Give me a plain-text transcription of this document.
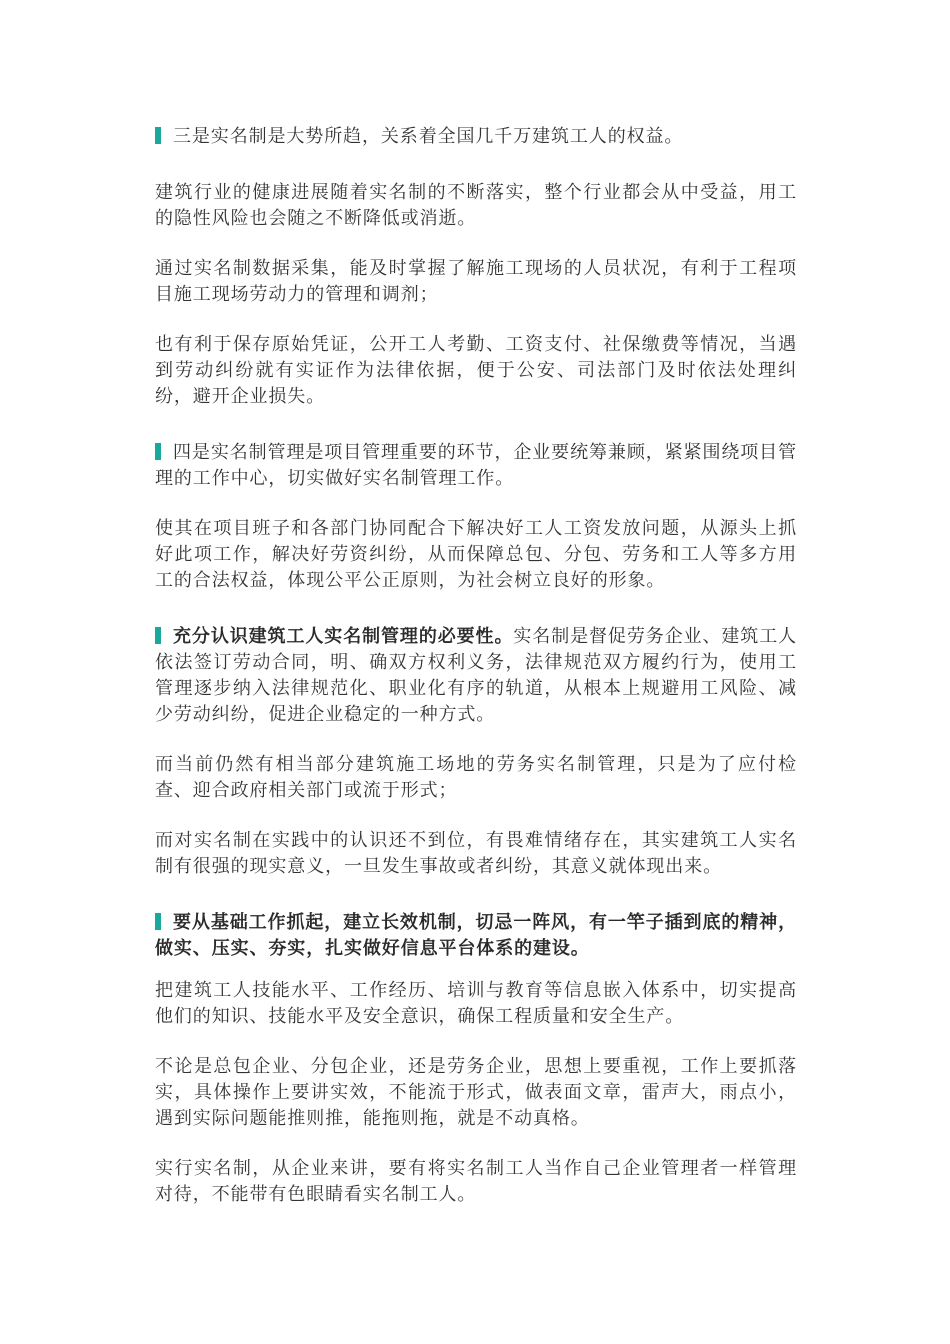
三是实名制是大势所趋，关系着全国几千万建筑工人的权益。

建筑行业的健康进展随着实名制的不断落实，整个行业都会从中受益，用工的隐性风险也会随之不断降低或消逝。

通过实名制数据采集，能及时掌握了解施工现场的人员状况，有利于工程项目施工现场劳动力的管理和调剂；

也有利于保存原始凭证，公开工人考勤、工资支付、社保缴费等情况，当遇到劳动纠纷就有实证作为法律依据，便于公安、司法部门及时依法处理纠纷，避开企业损失。

四是实名制管理是项目管理重要的环节，企业要统筹兼顾，紧紧围绕项目管理的工作中心，切实做好实名制管理工作。

使其在项目班子和各部门协同配合下解决好工人工资发放问题，从源头上抓好此项工作，解决好劳资纠纷，从而保障总包、分包、劳务和工人等多方用工的合法权益，体现公平公正原则，为社会树立良好的形象。

充分认识建筑工人实名制管理的必要性。实名制是督促劳务企业、建筑工人依法签订劳动合同，明、确双方权利义务，法律规范双方履约行为，使用工管理逐步纳入法律规范化、职业化有序的轨道，从根本上规避用工风险、减少劳动纠纷，促进企业稳定的一种方式。

而当前仍然有相当部分建筑施工场地的劳务实名制管理，只是为了应付检查、迎合政府相关部门或流于形式；

而对实名制在实践中的认识还不到位，有畏难情绪存在，其实建筑工人实名制有很强的现实意义，一旦发生事故或者纠纷，其意义就体现出来。

要从基础工作抓起，建立长效机制，切忌一阵风，有一竿子插到底的精神，做实、压实、夯实，扎实做好信息平台体系的建设。

把建筑工人技能水平、工作经历、培训与教育等信息嵌入体系中，切实提高他们的知识、技能水平及安全意识，确保工程质量和安全生产。

不论是总包企业、分包企业，还是劳务企业，思想上要重视，工作上要抓落实，具体操作上要讲实效，不能流于形式，做表面文章，雷声大，雨点小，遇到实际问题能推则推，能拖则拖，就是不动真格。

实行实名制，从企业来讲，要有将实名制工人当作自己企业管理者一样管理对待，不能带有色眼睛看实名制工人。
